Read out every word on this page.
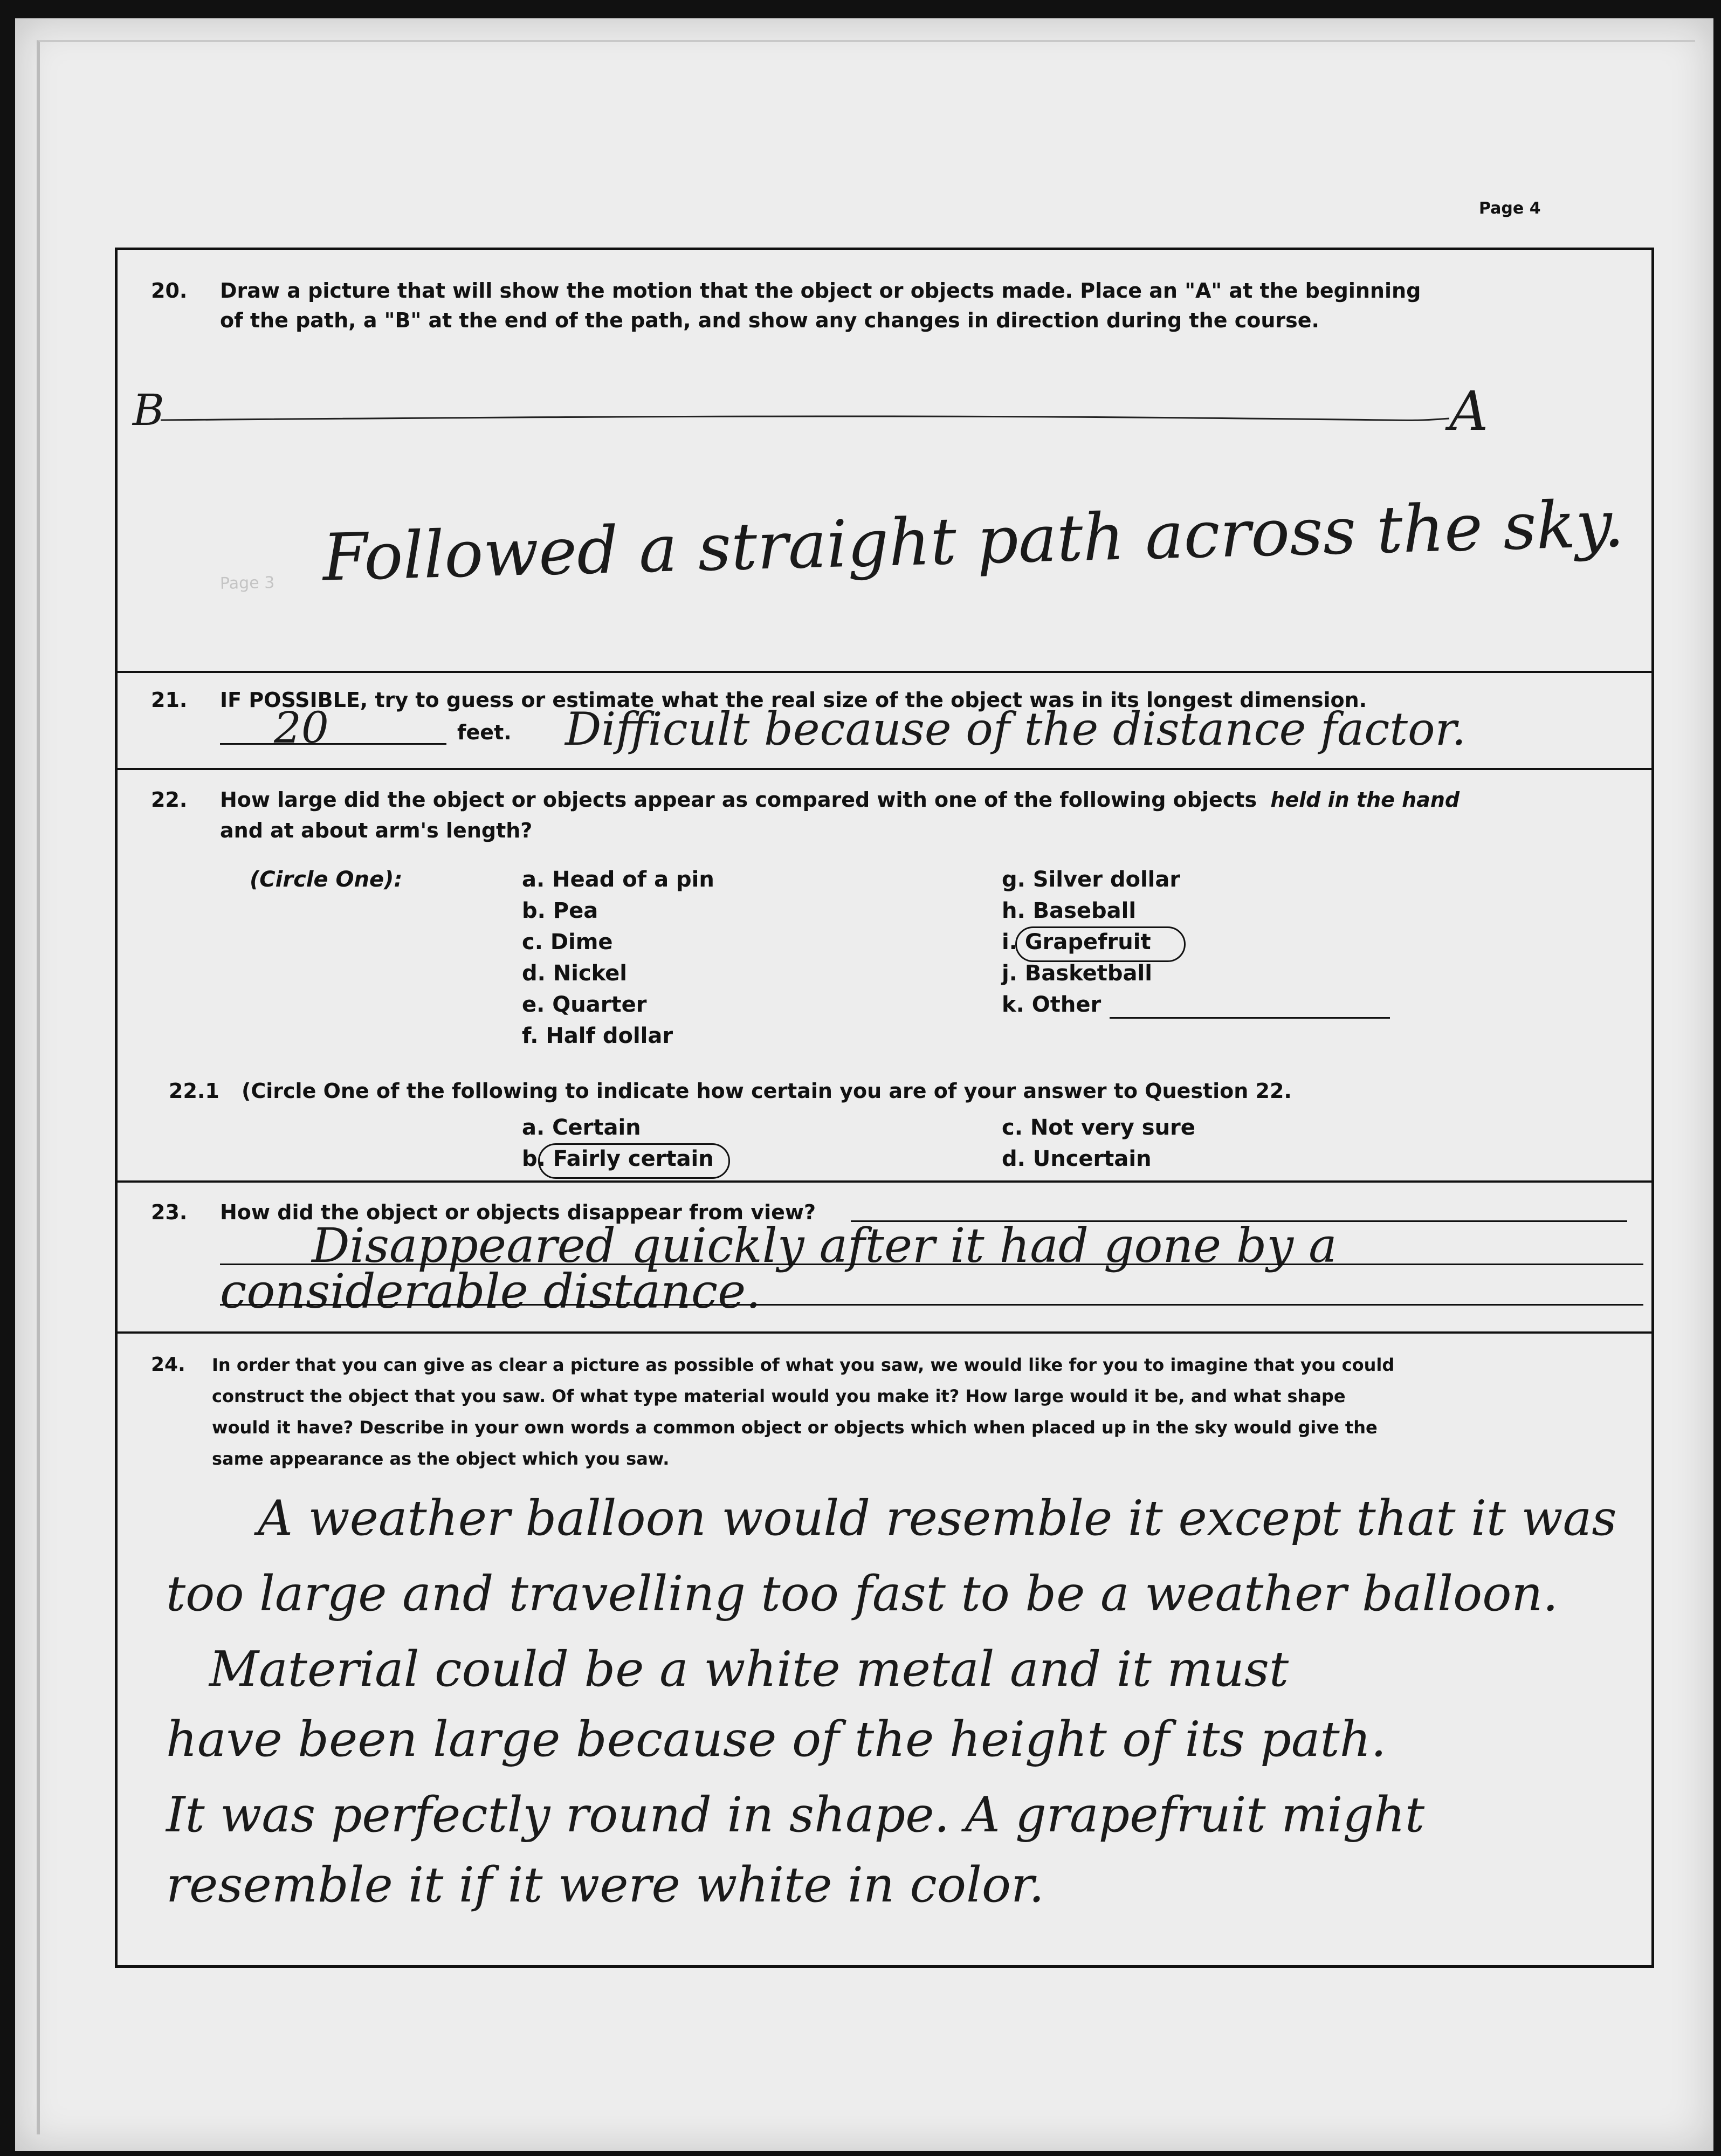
Page 3
Page 4
20. Draw a picture that will show the motion that the object or objects made. Place an "A" at the beginning
of the path, a "B" at the end of the path, and show any changes in direction during the course.
B	A
Followed a straight path across the sky.
21. IF POSSIBLE, try to guess or estimate what the real size of the object was in its longest dimension.
20	feet. Difficult because of the distance factor.
22. How large did the object or objects appear as compared with one of the following objects held in the hand
and at about arm's length?
(Circle One):	a. Head of a pin
b. Pea
c. Dime
d. Nickel
e. Quarter
f. Half dollar
g. Silver dollar
h. Baseball
i. Grapefruit
j. Basketball
k. Other
22.1 (Circle One of the following to indicate how certain you are of your answer to Question 22.
a. Certain
b. Fairly certain
c. Not very sure
d. Uncertain
23. How did the object or objects disappear from view?
Disappeared quickly after it had gone by a
considerable distance.
24. In order that you can give as clear a picture as possible of what you saw, we would like for you to imagine that you could
construct the object that you saw. Of what type material would you make it? How large would it be, and what shape
would it have? Describe in your own words a common object or objects which when placed up in the sky would give the
same appearance as the object which you saw.
A weather balloon would resemble it except that it was
too large and travelling too fast to be a weather balloon.
Material could be a white metal and it must
have been large because of the height of its path.
It was perfectly round in shape. A grapefruit might
resemble it if it were white in color.
